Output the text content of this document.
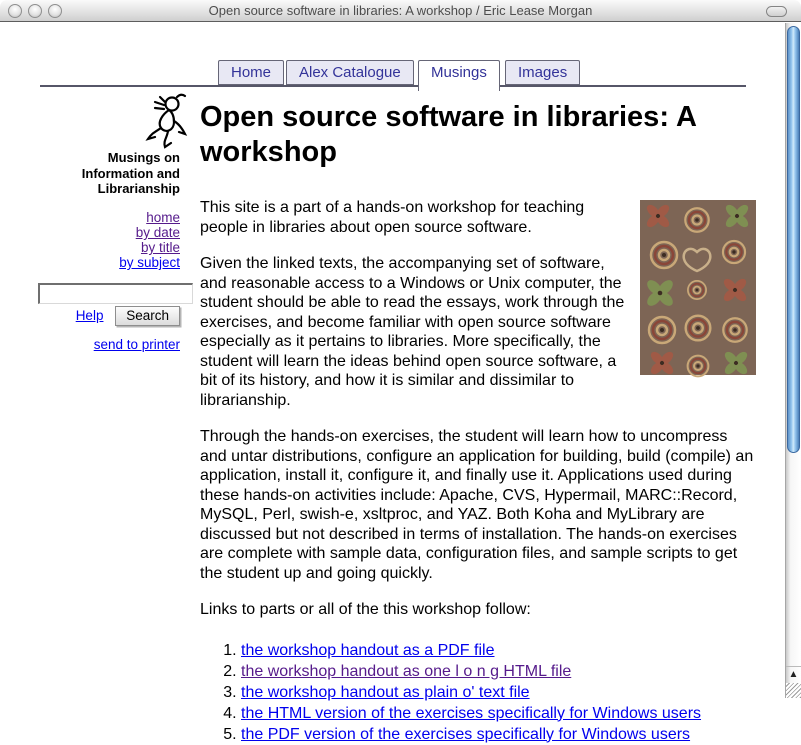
Open source software in libraries: A workshop / Eric Lease Morgan
Home	Alex Catalogue	Musings	Images
Musings on Information and Librarianship
home
by date
by title
by subject
Help Search
send to printer
Open source software in libraries: A workshop

This site is a part of a hands-on workshop for teaching people in libraries about open source software.

Given the linked texts, the accompanying set of software, and reasonable access to a Windows or Unix computer, the student should be able to read the essays, work through the exercises, and become familiar with open source software especially as it pertains to libraries. More specifically, the student will learn the ideas behind open source software, a bit of its history, and how it is similar and dissimilar to librarianship.

Through the hands-on exercises, the student will learn how to uncompress and untar distributions, configure an application for building, build (compile) an application, install it, configure it, and finally use it. Applications used during these hands-on activities include: Apache, CVS, Hypermail, MARC::Record, MySQL, Perl, swish-e, xsltproc, and YAZ. Both Koha and MyLibrary are discussed but not described in terms of installation. The hands-on exercises are complete with sample data, configuration files, and sample scripts to get the student up and going quickly.

Links to parts or all of the this workshop follow:

1. the workshop handout as a PDF file
2. the workshop handout as one l o n g HTML file
3. the workshop handout as plain o' text file
4. the HTML version of the exercises specifically for Windows users
5. the PDF version of the exercises specifically for Windows users
▲
